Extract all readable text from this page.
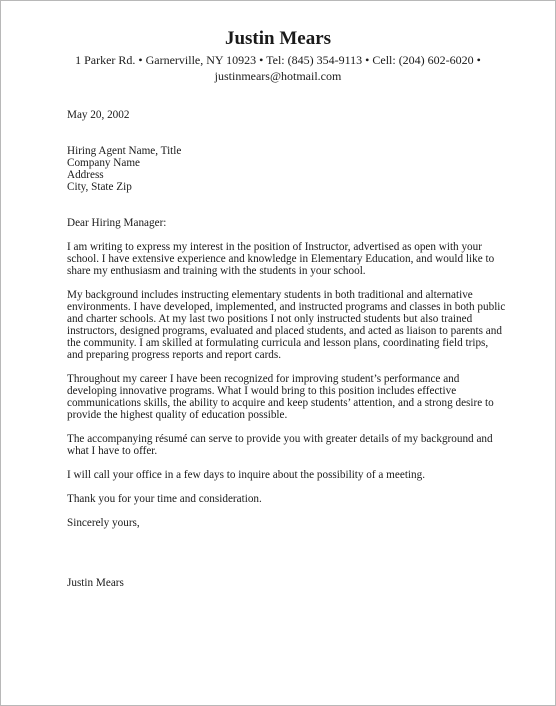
Justin Mears

1 Parker Rd. • Garnerville, NY 10923 • Tel: (845) 354-9113 • Cell: (204) 602-6020 •
justinmears@hotmail.com

May 20, 2002

Hiring Agent Name, Title
Company Name
Address
City, State Zip

Dear Hiring Manager:

I am writing to express my interest in the position of Instructor, advertised as open with your school. I have extensive experience and knowledge in Elementary Education, and would like to share my enthusiasm and training with the students in your school.

My background includes instructing elementary students in both traditional and alternative environments. I have developed, implemented, and instructed programs and classes in both public and charter schools. At my last two positions I not only instructed students but also trained instructors, designed programs, evaluated and placed students, and acted as liaison to parents and the community. I am skilled at formulating curricula and lesson plans, coordinating field trips, and preparing progress reports and report cards.

Throughout my career I have been recognized for improving student’s performance and developing innovative programs. What I would bring to this position includes effective communications skills, the ability to acquire and keep students’ attention, and a strong desire to provide the highest quality of education possible.

The accompanying résumé can serve to provide you with greater details of my background and what I have to offer.

I will call your office in a few days to inquire about the possibility of a meeting.

Thank you for your time and consideration.

Sincerely yours,

Justin Mears
